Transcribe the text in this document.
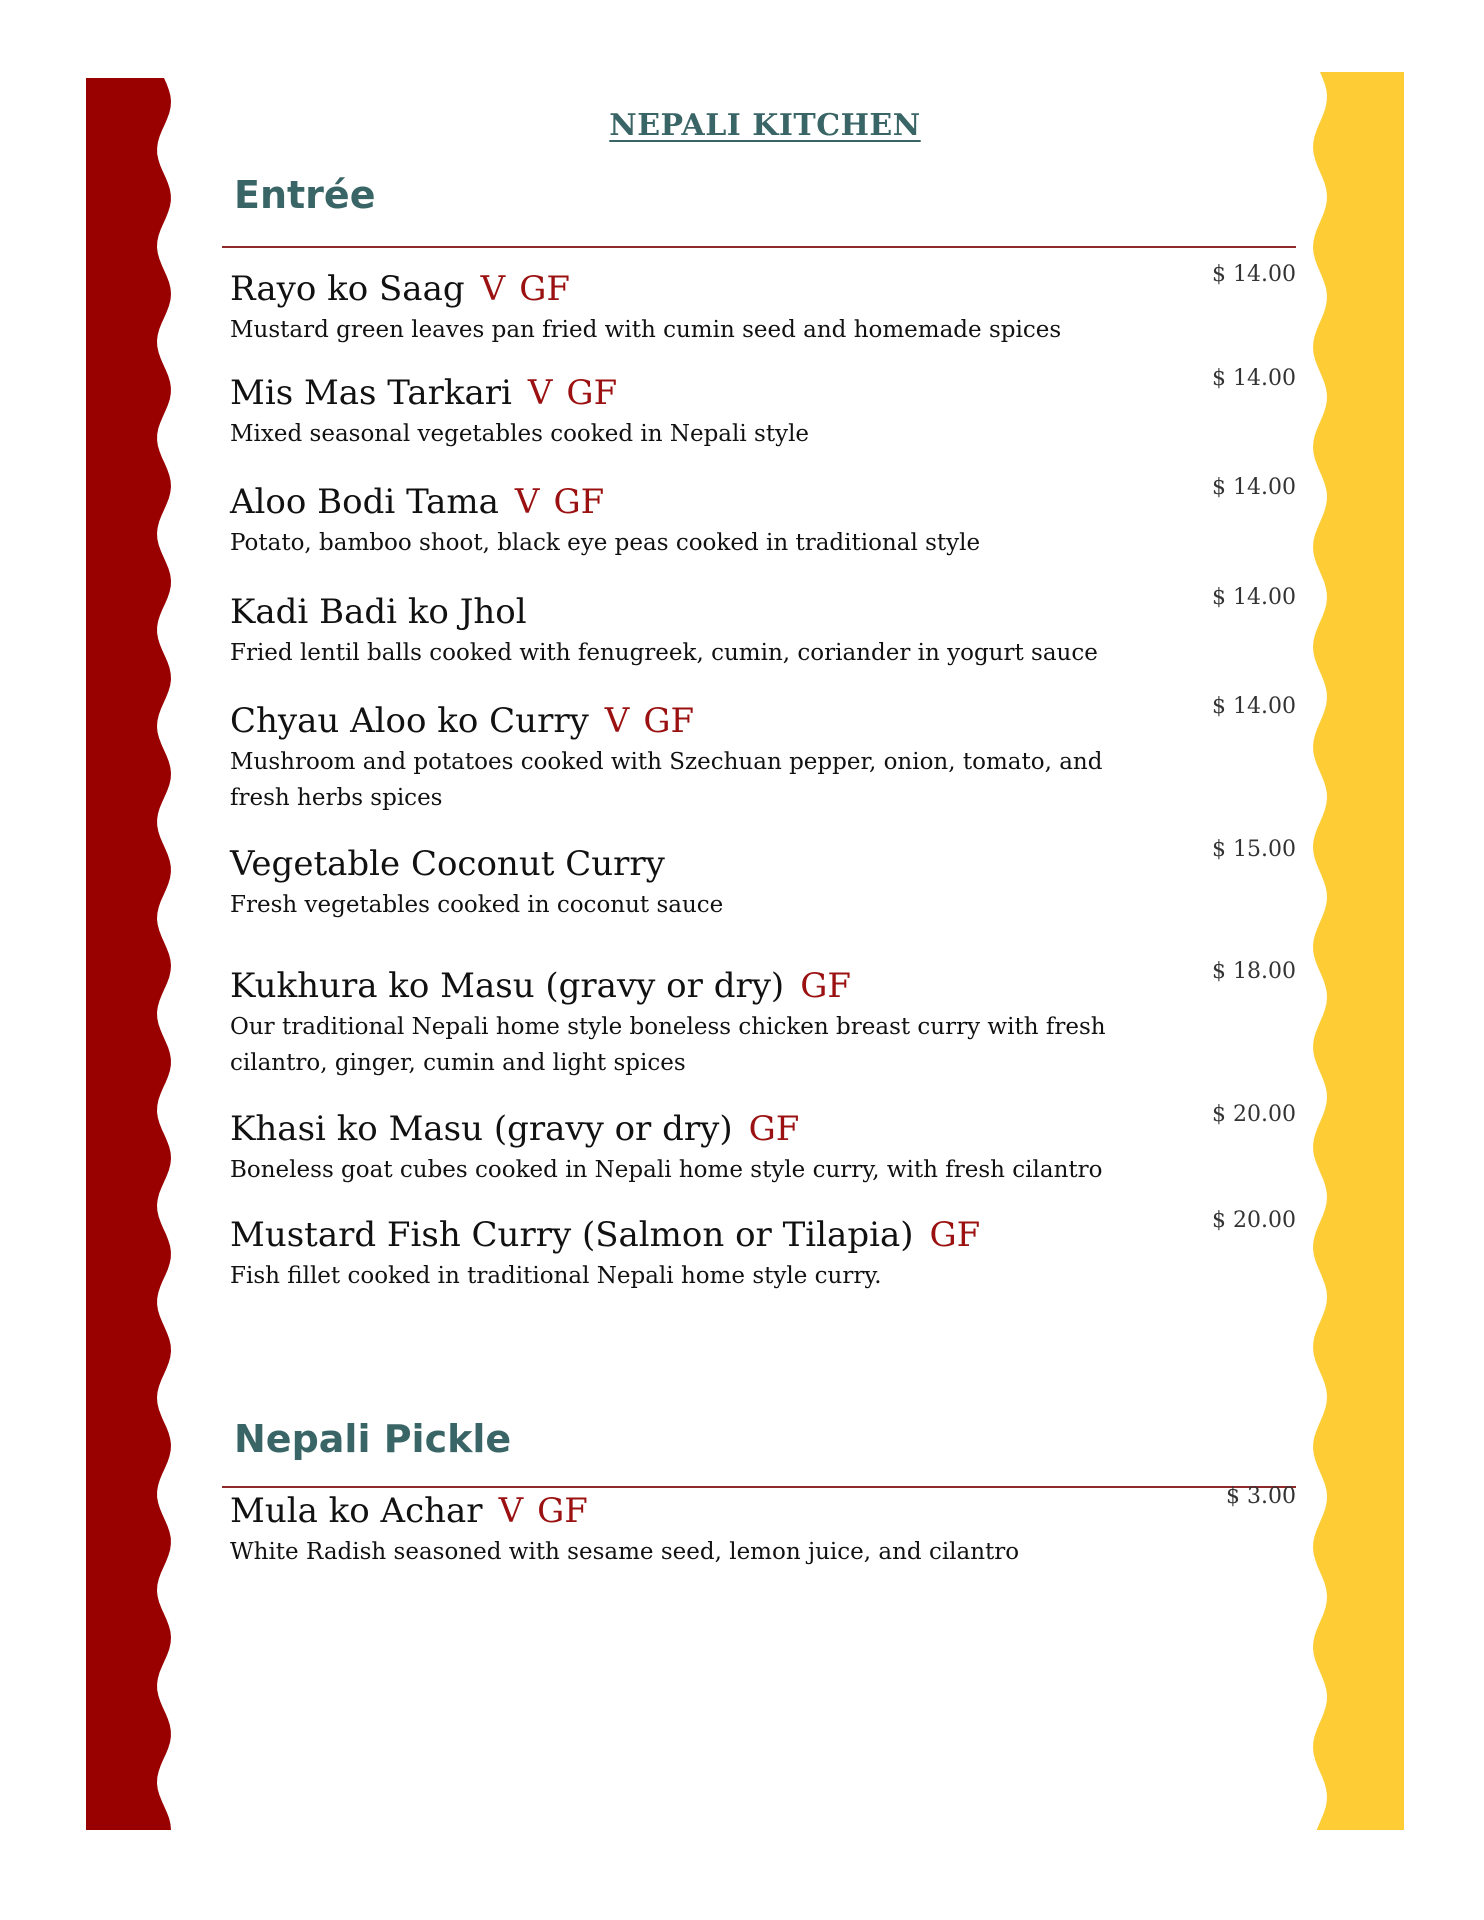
NEPALI KITCHEN
Entrée
Rayo ko Saag V GF
Mustard green leaves pan fried with cumin seed and homemade spices
$ 14.00
Mis Mas Tarkari V GF
Mixed seasonal vegetables cooked in Nepali style
$ 14.00
Aloo Bodi Tama V GF
Potato, bamboo shoot, black eye peas cooked in traditional style
$ 14.00
Kadi Badi ko Jhol
Fried lentil balls cooked with fenugreek, cumin, coriander in yogurt sauce
$ 14.00
Chyau Aloo ko Curry V GF
Mushroom and potatoes cooked with Szechuan pepper, onion, tomato, and fresh herbs spices
$ 14.00
Vegetable Coconut Curry
Fresh vegetables cooked in coconut sauce
$ 15.00
Kukhura ko Masu (gravy or dry) GF
Our traditional Nepali home style boneless chicken breast curry with fresh cilantro, ginger, cumin and light spices
$ 18.00
Khasi ko Masu (gravy or dry) GF
Boneless goat cubes cooked in Nepali home style curry, with fresh cilantro
$ 20.00
Mustard Fish Curry (Salmon or Tilapia) GF
Fish fillet cooked in traditional Nepali home style curry.
$ 20.00
Nepali Pickle
Mula ko Achar V GF
White Radish seasoned with sesame seed, lemon juice, and cilantro
$ 3.00
